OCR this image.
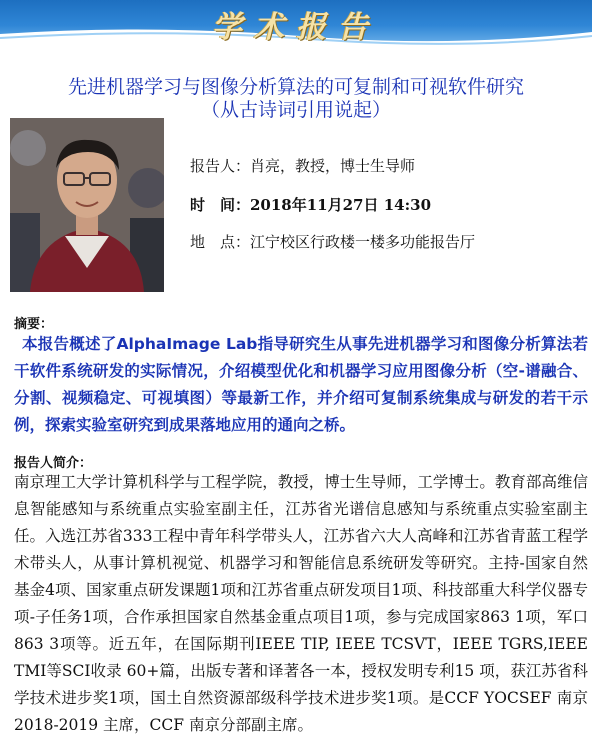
学术报告
先进机器学习与图像分析算法的可复制和可视软件研究
（从古诗词引用说起）
报告人：肖亮，教授，博士生导师
时　间：2018年11月27日 14:30
地　点：江宁校区行政楼一楼多功能报告厅
摘要：
本报告概述了AlphaImage Lab指导研究生从事先进机器学习和图像分析算法若干软件系统研发的实际情况，介绍模型优化和机器学习应用图像分析（空-谱融合、分割、视频稳定、可视填图）等最新工作，并介绍可复制系统集成与研发的若干示例，探索实验室研究到成果落地应用的通向之桥。
报告人简介：
南京理工大学计算机科学与工程学院，教授，博士生导师，工学博士。教育部高维信息智能感知与系统重点实验室副主任，江苏省光谱信息感知与系统重点实验室副主任。入选江苏省333工程中青年科学带头人，江苏省六大人高峰和江苏省青蓝工程学术带头人，从事计算机视觉、机器学习和智能信息系统研发等研究。主持-国家自然基金4项、国家重点研发课题1项和江苏省重点研发项目1项、科技部重大科学仪器专项-子任务1项，合作承担国家自然基金重点项目1项，参与完成国家863 1项，军口863 3项等。近五年，在国际期刊IEEE TIP, IEEE TCSVT，IEEE TGRS,IEEE TMI等SCI收录 60+篇，出版专著和译著各一本，授权发明专利15 项，获江苏省科学技术进步奖1项，国土自然资源部级科学技术进步奖1项。是CCF YOCSEF 南京2018-2019 主席，CCF 南京分部副主席。
